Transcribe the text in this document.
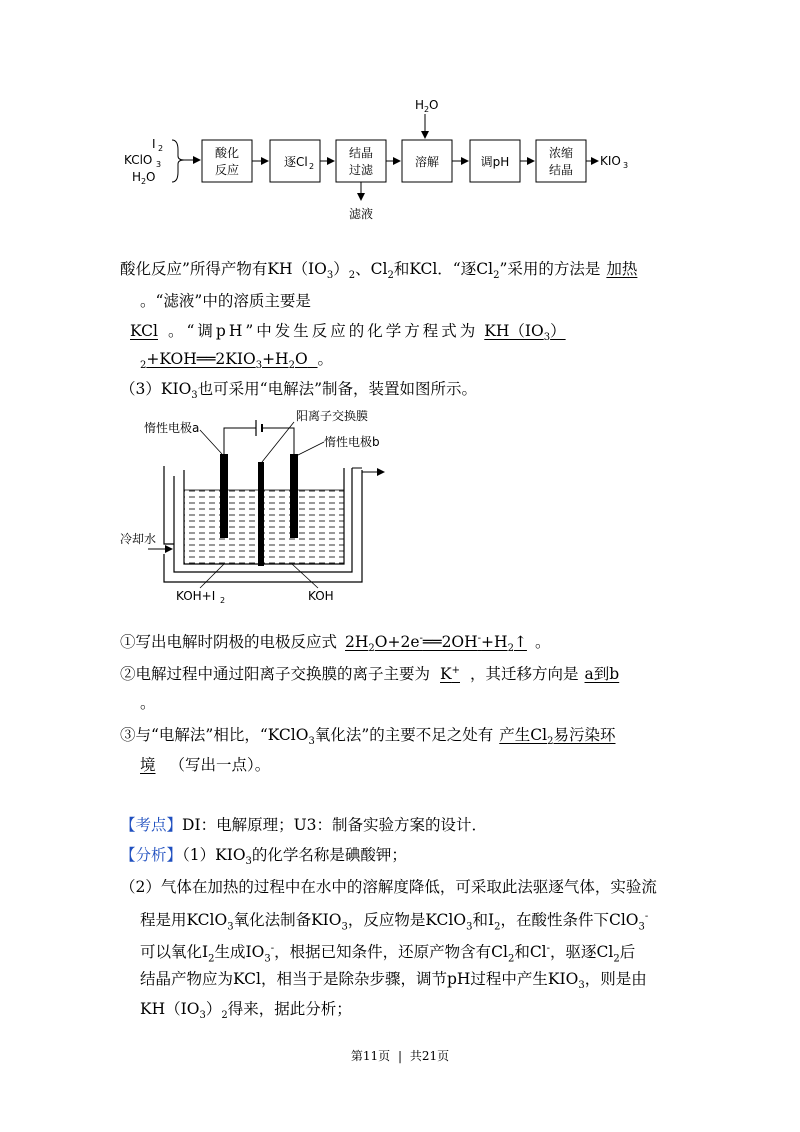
I 2
KClO 3
H 2 O
酸化
反应
逐Cl 2
结晶
过滤
滤液
H 2 O
溶解	调pH
浓缩
结晶
KIO 3
酸化反应”所得产物有$KH(IO_3)_2$、$Cl_2$和KCl．“逐$Cl_2$”采用的方法是 加热
。“滤液”中的溶质主要是
KCl 。“调pH”中发生反应的化学方程式为 $KH(IO_3)$
$_2+KOH══2KIO_3+H_2O$ 。
$(3)KIO_3$也可采用“电解法”制备，装置如图所示。
惰性电极a
阳离子交换膜
惰性电极b
冷却水
KOH+I 2	KOH
①写出电解时阴极的电极反应式 $2H_2O+2e^-══2OH^-+H_2↑$ 。
②电解过程中通过阳离子交换膜的离子主要为 K+ ，其迁移方向是 a到b
。
③与“电解法”相比，“KClO$_3$氧化法”的主要不足之处有 产生$Cl_2$易污染环
境 （写出一点）。
【考点】DI：电解原理；U3：制备实验方案的设计．
【分析】$(1)KIO_3$的化学名称是碘酸钾；
（2）气体在加热的过程中在水中的溶解度降低，可采取此法驱逐气体，实验流
程是用KClO$_3$氧化法制备$KIO_3$，反应物是KClO$_3$和$I_2$，在酸性条件下ClO$_3$-
可以氧化$I_2$生成$IO_3^-$，根据已知条件，还原产物含有$Cl_2$和Cl-，驱逐$Cl_2$后
结晶产物应为KCl，相当于是除杂步骤，调节pH过程中产生$KIO_3$，则是由
$KH(IO_3)_2$得来，据此分析；
第11页 | 共21页
